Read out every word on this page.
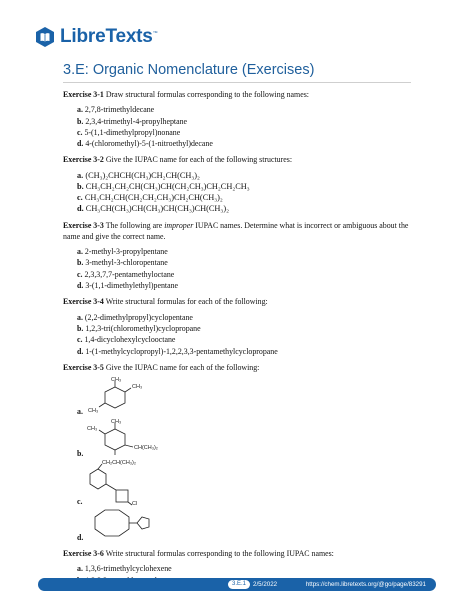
LibreTexts™
3.E: Organic Nomenclature (Exercises)

Exercise 3-1 Draw structural formulas corresponding to the following names:

a. 2,7,8-trimethyldecane
b. 2,3,4-trimethyl-4-propylheptane
c. 5-(1,1-dimethylpropyl)nonane
d. 4-(chloromethyl)-5-(1-nitroethyl)decane

Exercise 3-2 Give the IUPAC name for each of the following structures:

a. (CH₃)₂CHCH(CH₃)CH₂CH(CH₃)₂
b. CH₃CH₂CH₂CH(CH₃)CH(CH₂CH₃)CH₂CH₂CH₃
c. CH₃CH₂CH(CH₂CH₂CH₃)CH₂CH(CH₃)₂
d. CH₃CH(CH₃)CH(CH₃)CH(CH₃)CH(CH₃)₂

Exercise 3-3 The following are improper IUPAC names. Determine what is incorrect or ambiguous about the name and give the correct name.

a. 2-methyl-3-propylpentane
b. 3-methyl-3-chloropentane
c. 2,3,3,7,7-pentamethyloctane
d. 3-(1,1-dimethylethyl)pentane

Exercise 3-4 Write structural formulas for each of the following:

a. (2,2-dimethylpropyl)cyclopentane
b. 1,2,3-tri(chloromethyl)cyclopropane
c. 1,4-dicyclohexylcyclooctane
d. 1-(1-methylcyclopropyl)-1,2,2,3,3-pentamethylcyclopropane

Exercise 3-5 Give the IUPAC name for each of the following:

a.
CH₃
CH₃
CH₃
b.
CH₃
CH₃
CH(CH₃)₂
c.
CH₂CH(CH₃)₂
Cl
d.

Exercise 3-6 Write structural formulas corresponding to the following IUPAC names:

a. 1,3,6-trimethylcyclohexene
3.E.1	2/5/2022	https://chem.libretexts.org/@go/page/83291
